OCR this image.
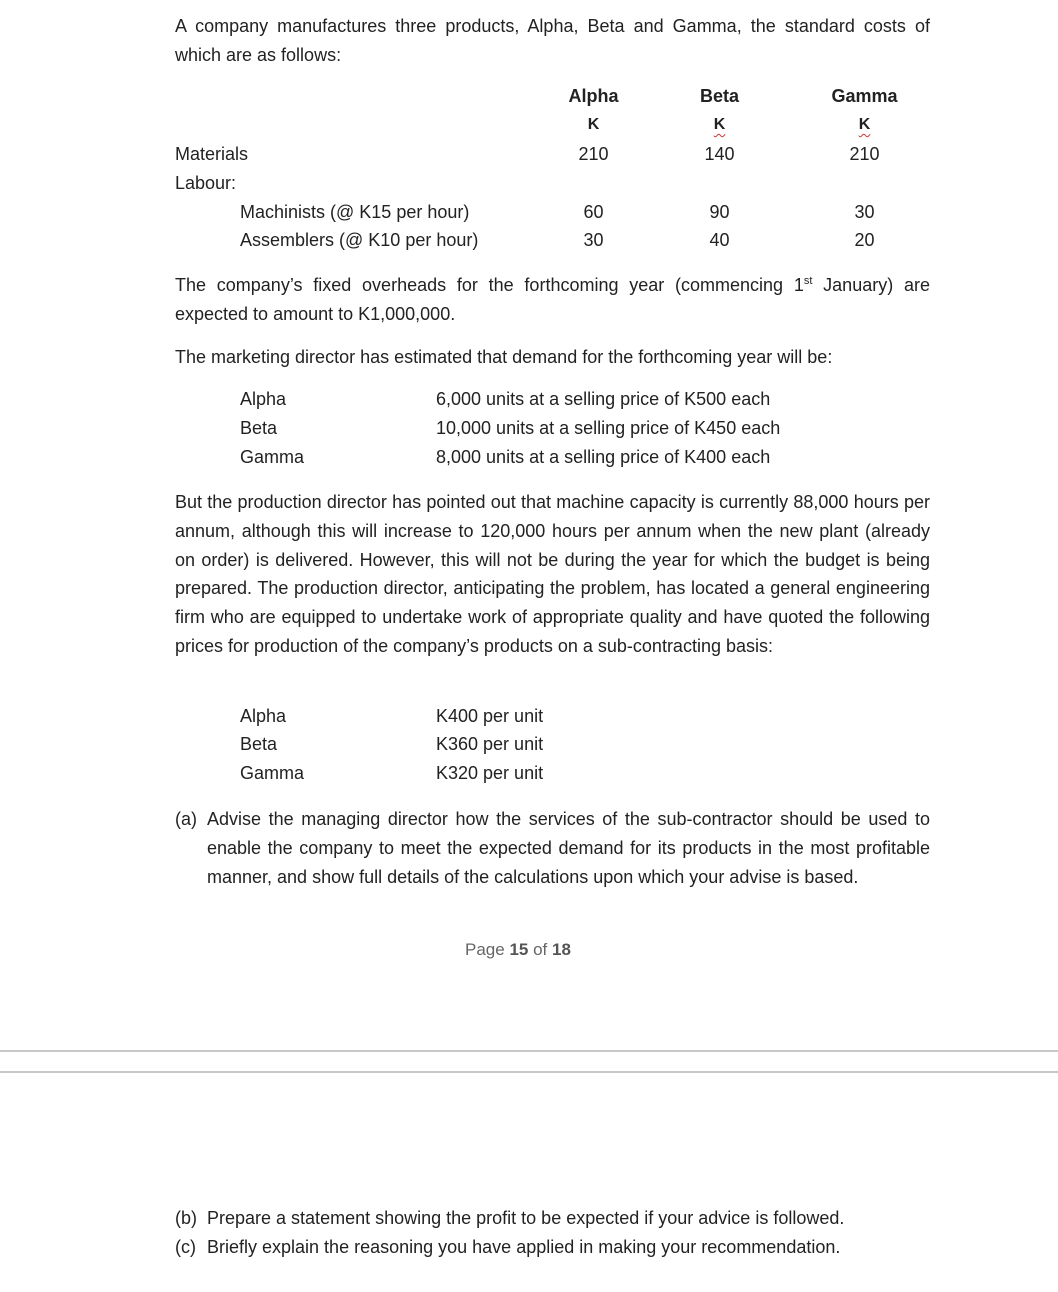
A company manufactures three products, Alpha, Beta and Gamma, the standard costs of which are as follows:
Alpha	Beta	Gamma
K	K	K
Materials	210	140	210
Labour:
Machinists (@ K15 per hour)	60	90	30
Assemblers (@ K10 per hour)	30	40	20
The company’s fixed overheads for the forthcoming year (commencing 1st January) are expected to amount to K1,000,000.
The marketing director has estimated that demand for the forthcoming year will be:
Alpha	6,000 units at a selling price of K500 each
Beta	10,000 units at a selling price of K450 each
Gamma	8,000 units at a selling price of K400 each
But the production director has pointed out that machine capacity is currently 88,000 hours per annum, although this will increase to 120,000 hours per annum when the new plant (already on order) is delivered. However, this will not be during the year for which the budget is being prepared. The production director, anticipating the problem, has located a general engineering firm who are equipped to undertake work of appropriate quality and have quoted the following prices for production of the company’s products on a sub-contracting basis:
Alpha	K400 per unit
Beta	K360 per unit
Gamma	K320 per unit
(a) Advise the managing director how the services of the sub-contractor should be used to enable the company to meet the expected demand for its products in the most profitable manner, and show full details of the calculations upon which your advise is based.
Page 15 of 18
(b) Prepare a statement showing the profit to be expected if your advice is followed.
(c) Briefly explain the reasoning you have applied in making your recommendation.
